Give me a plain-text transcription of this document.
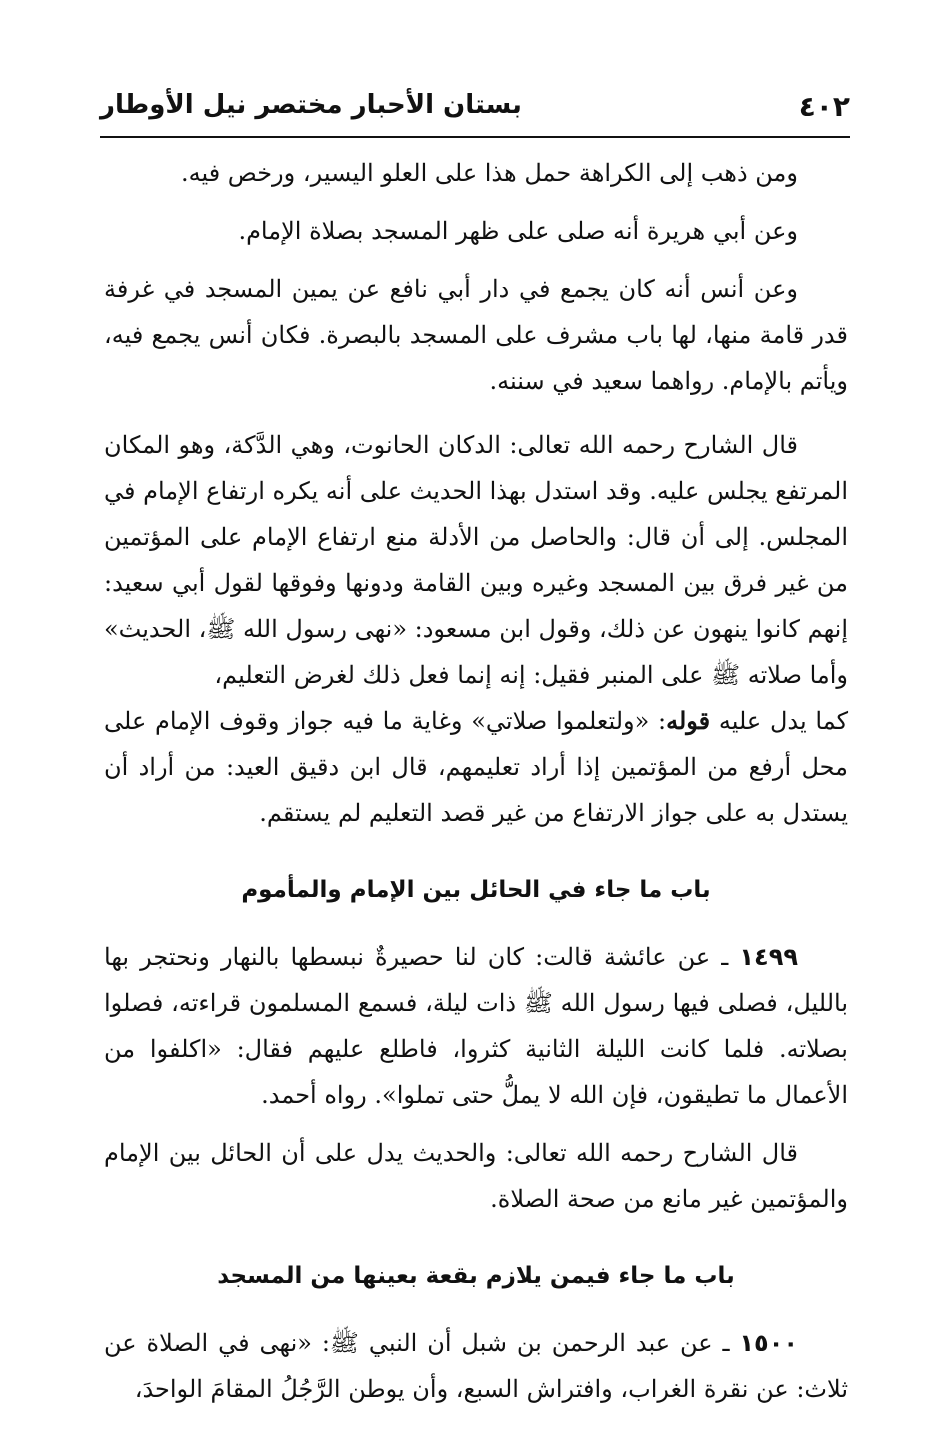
٤٠٢
بستان الأحبار مختصر نيل الأوطار

ومن ذهب إلى الكراهة حمل هذا على العلو اليسير، ورخص فيه.

وعن أبي هريرة أنه صلى على ظهر المسجد بصلاة الإمام.

وعن أنس أنه كان يجمع في دار أبي نافع عن يمين المسجد في غرفة قدر قامة منها، لها باب مشرف على المسجد بالبصرة. فكان أنس يجمع فيه، ويأتم بالإمام. رواهما سعيد في سننه.

قال الشارح رحمه الله تعالى: الدكان الحانوت، وهي الدَّكة، وهو المكان المرتفع يجلس عليه. وقد استدل بهذا الحديث على أنه يكره ارتفاع الإمام في المجلس. إلى أن قال: والحاصل من الأدلة منع ارتفاع الإمام على المؤتمين من غير فرق بين المسجد وغيره وبين القامة ودونها وفوقها لقول أبي سعيد: إنهم كانوا ينهون عن ذلك، وقول ابن مسعود: «نهى رسول الله ﷺ، الحديث» وأما صلاته ﷺ على المنبر فقيل: إنه إنما فعل ذلك لغرض التعليم،

كما يدل عليه قوله: «ولتعلموا صلاتي» وغاية ما فيه جواز وقوف الإمام على محل أرفع من المؤتمين إذا أراد تعليمهم، قال ابن دقيق العيد: من أراد أن يستدل به على جواز الارتفاع من غير قصد التعليم لم يستقم.

باب ما جاء في الحائل بين الإمام والمأموم

١٤٩٩ ـ عن عائشة قالت: كان لنا حصيرةٌ نبسطها بالنهار ونحتجر بها بالليل، فصلى فيها رسول الله ﷺ ذات ليلة، فسمع المسلمون قراءته، فصلوا بصلاته. فلما كانت الليلة الثانية كثروا، فاطلع عليهم فقال: «اكلفوا من الأعمال ما تطيقون، فإن الله لا يملُّ حتى تملوا». رواه أحمد.

قال الشارح رحمه الله تعالى: والحديث يدل على أن الحائل بين الإمام والمؤتمين غير مانع من صحة الصلاة.

باب ما جاء فيمن يلازم بقعة بعينها من المسجد

١٥٠٠ ـ عن عبد الرحمن بن شبل أن النبي ﷺ: «نهى في الصلاة عن ثلاث: عن نقرة الغراب، وافتراش السبع، وأن يوطن الرَّجُلُ المقامَ الواحدَ،
